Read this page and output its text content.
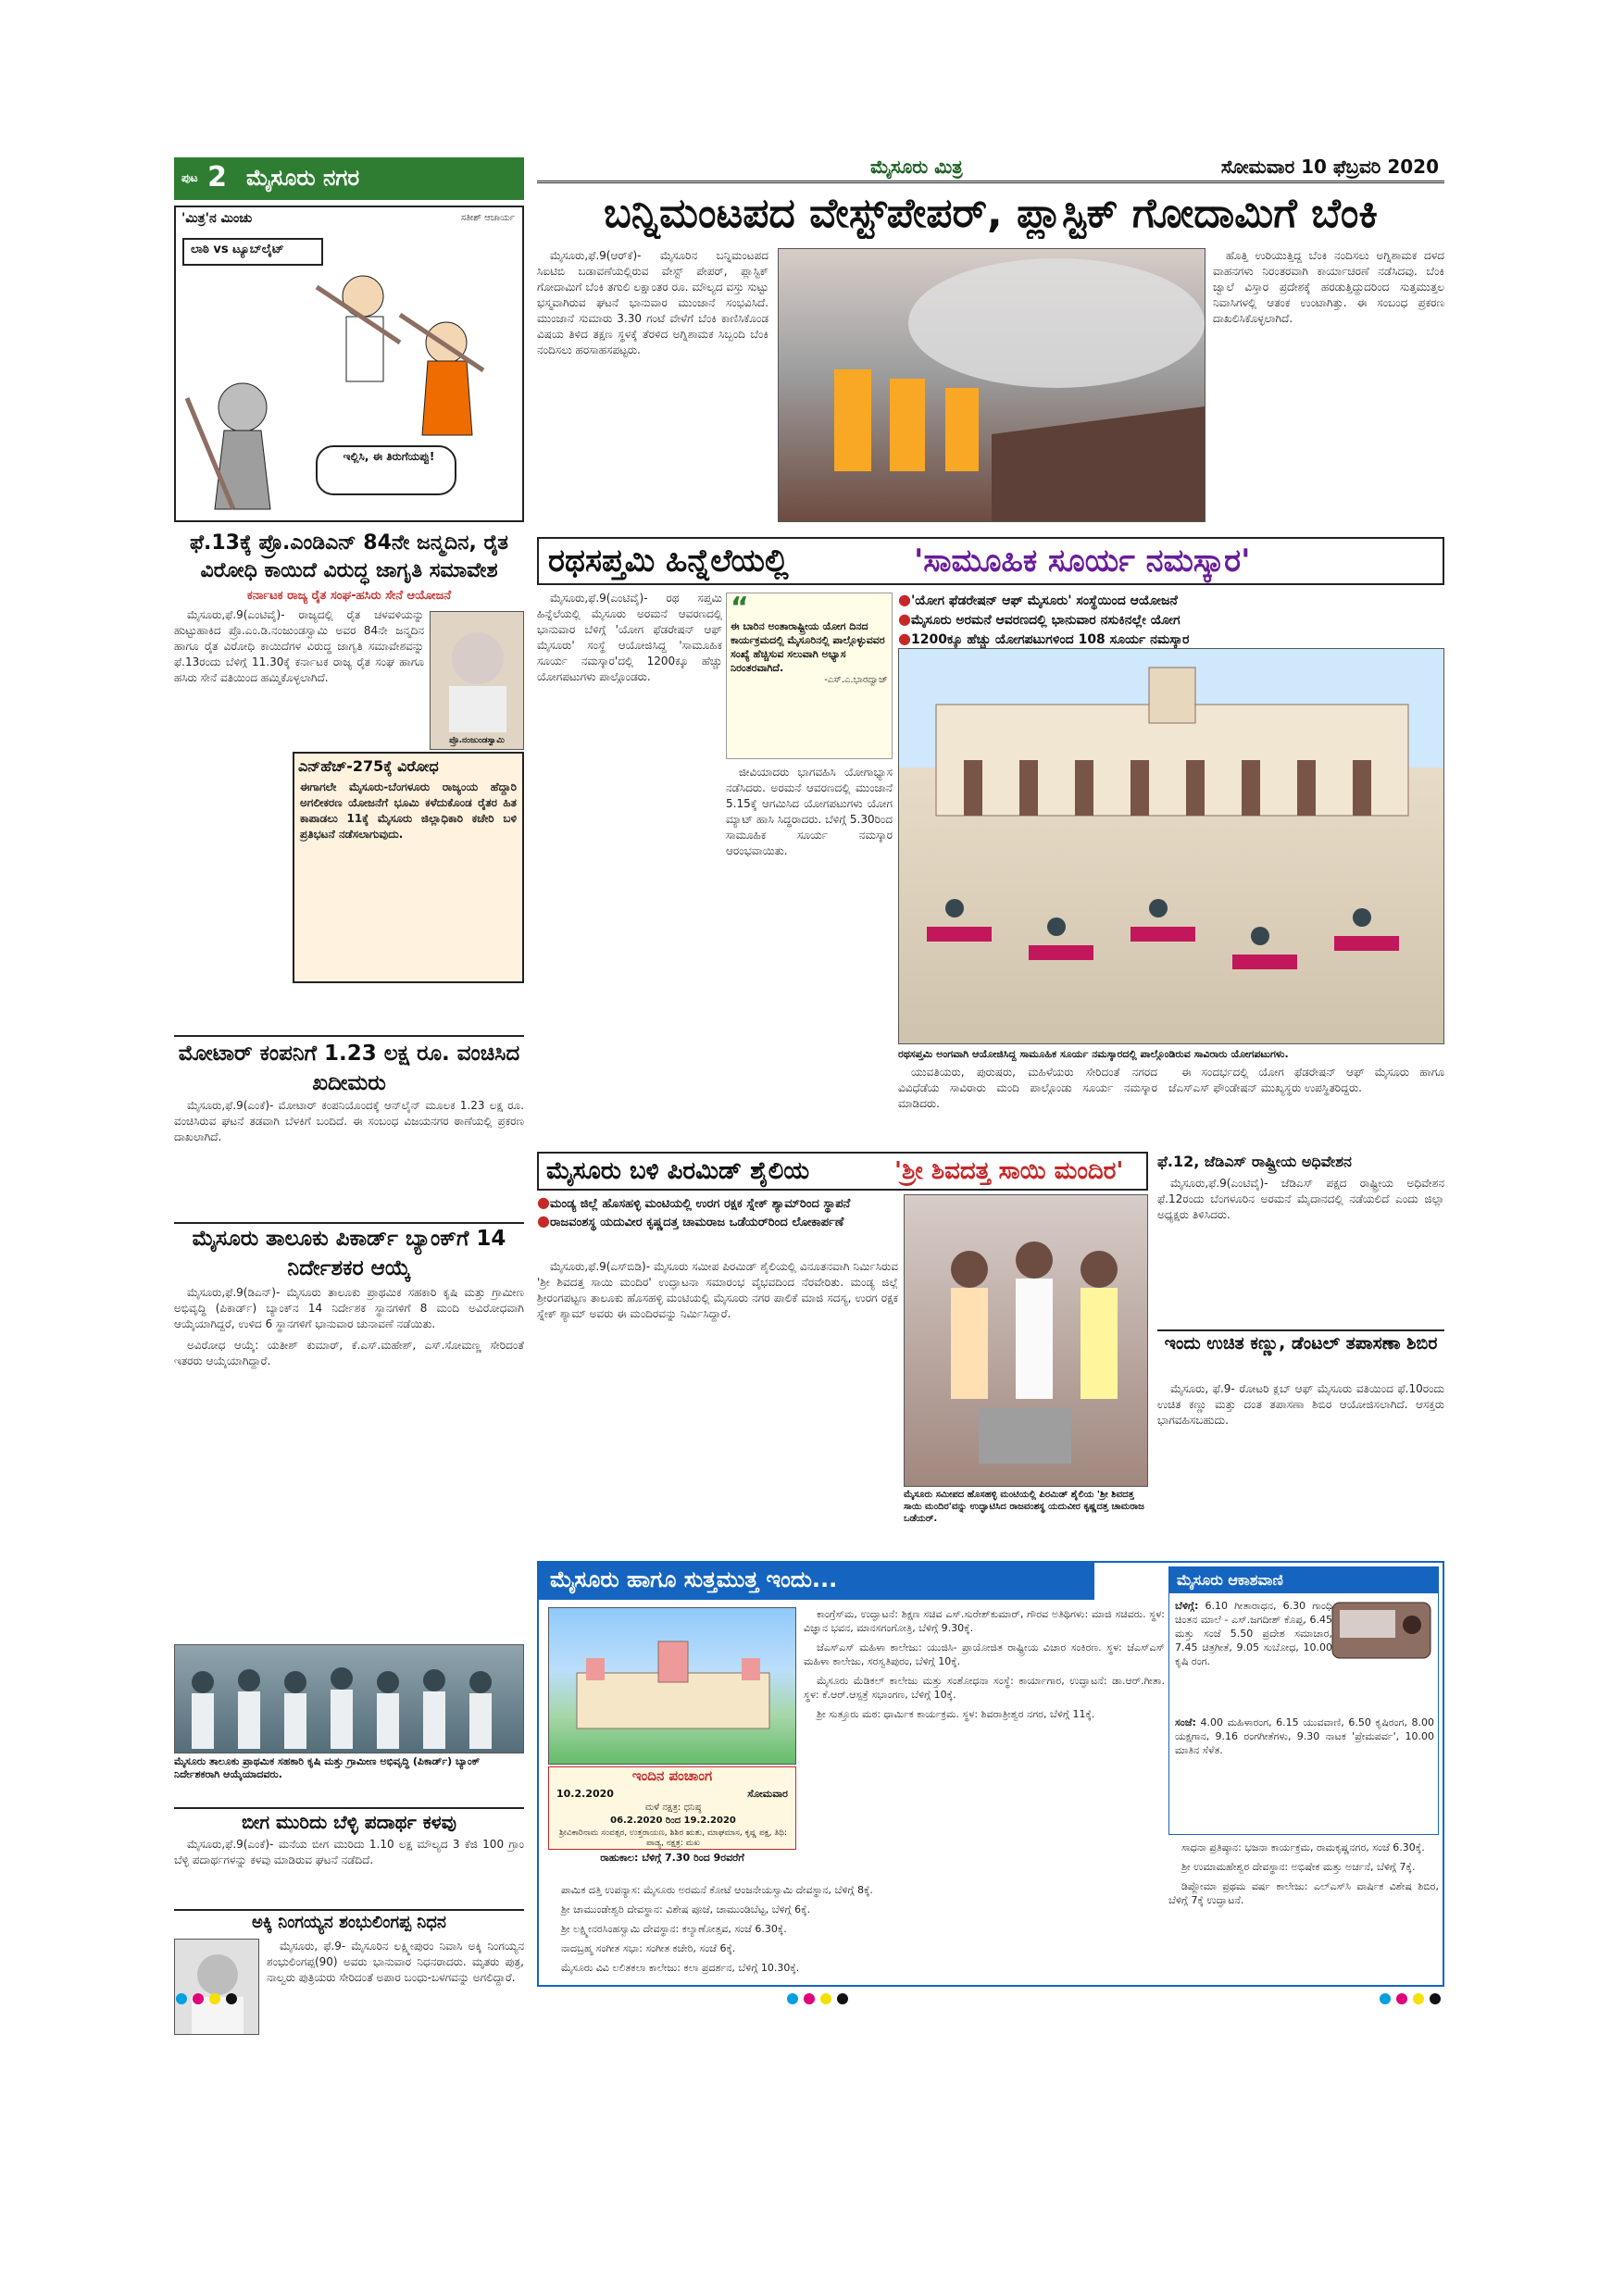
ಪುಟ 2 ಮೈಸೂರು ನಗರ	ಮೈಸೂರು ಮಿತ್ರ	ಸೋಮವಾರ 10 ಫೆಬ್ರವರಿ 2020
'ಮಿತ್ರ'ನ ಮಿಂಚು	ಸತೀಶ್ ಆಚಾರ್ಯ
ಲಾಠಿ vs ಟ್ಯೂಬ್‌ಲೈಟ್
ಇಲ್ಲಿಸಿ, ಈ ತಿರುಗೆಯಪ್ಪು!
ಬನ್ನಿಮಂಟಪದ ವೇಸ್ಟ್‌ಪೇಪರ್, ಪ್ಲಾಸ್ಟಿಕ್ ಗೋದಾಮಿಗೆ ಬೆಂಕಿ

ಮೈಸೂರು,ಫೆ.9(ಆರ್‌ಕೆ)- ಮೈಸೂರಿನ ಬನ್ನಿಮಂಟಪದ ಸಿಐಟಿಬಿ ಬಡಾವಣೆಯಲ್ಲಿರುವ ವೇಸ್ಟ್ ಪೇಪರ್, ಪ್ಲಾಸ್ಟಿಕ್ ಗೋದಾಮಿಗೆ ಬೆಂಕಿ ತಗುಲಿ ಲಕ್ಷಾಂತರ ರೂ. ಮೌಲ್ಯದ ವಸ್ತು ಸುಟ್ಟು ಭಸ್ಮವಾಗಿರುವ ಘಟನೆ ಭಾನುವಾರ ಮುಂಜಾನೆ ಸಂಭವಿಸಿದೆ. ಮುಂಜಾನೆ ಸುಮಾರು 3.30 ಗಂಟೆ ವೇಳೆಗೆ ಬೆಂಕಿ ಕಾಣಿಸಿಕೊಂಡ ವಿಷಯ ತಿಳಿದ ತಕ್ಷಣ ಸ್ಥಳಕ್ಕೆ ತೆರಳಿದ ಅಗ್ನಿಶಾಮಕ ಸಿಬ್ಬಂದಿ ಬೆಂಕಿ ನಂದಿಸಲು ಹರಸಾಹಸಪಟ್ಟರು.

ಹೊತ್ತಿ ಉರಿಯುತ್ತಿದ್ದ ಬೆಂಕಿ ನಂದಿಸಲು ಅಗ್ನಿಶಾಮಕ ದಳದ ವಾಹನಗಳು ನಿರಂತರವಾಗಿ ಕಾರ್ಯಾಚರಣೆ ನಡೆಸಿದವು. ಬೆಂಕಿ ಜ್ವಾಲೆ ವಿಸ್ತಾರ ಪ್ರದೇಶಕ್ಕೆ ಹರಡುತ್ತಿದ್ದುದರಿಂದ ಸುತ್ತಮುತ್ತಲ ನಿವಾಸಿಗಳಲ್ಲಿ ಆತಂಕ ಉಂಟಾಗಿತ್ತು. ಈ ಸಂಬಂಧ ಪ್ರಕರಣ ದಾಖಲಿಸಿಕೊಳ್ಳಲಾಗಿದೆ.

ಫೆ.13ಕ್ಕೆ ಪ್ರೊ.ಎಂಡಿಎನ್ 84ನೇ ಜನ್ಮದಿನ, ರೈತ ವಿರೋಧಿ ಕಾಯಿದೆ ವಿರುದ್ಧ ಜಾಗೃತಿ ಸಮಾವೇಶ
ಕರ್ನಾಟಕ ರಾಜ್ಯ ರೈತ ಸಂಘ-ಹಸಿರು ಸೇನೆ ಆಯೋಜನೆ

ಮೈಸೂರು,ಫೆ.9(ಎಂಟಿವೈ)- ರಾಜ್ಯದಲ್ಲಿ ರೈತ ಚಳವಳಿಯನ್ನು ಹುಟ್ಟುಹಾಕಿದ ಪ್ರೊ.ಎಂ.ಡಿ.ನಂಜುಂಡಸ್ವಾಮಿ ಅವರ 84ನೇ ಜನ್ಮದಿನ ಹಾಗೂ ರೈತ ವಿರೋಧಿ ಕಾಯಿದೆಗಳ ವಿರುದ್ಧ ಜಾಗೃತಿ ಸಮಾವೇಶವನ್ನು ಫೆ.13ರಂದು ಬೆಳಿಗ್ಗೆ 11.30ಕ್ಕೆ ಕರ್ನಾಟಕ ರಾಜ್ಯ ರೈತ ಸಂಘ ಹಾಗೂ ಹಸಿರು ಸೇನೆ ವತಿಯಿಂದ ಹಮ್ಮಿಕೊಳ್ಳಲಾಗಿದೆ.

ಪ್ರೊ.ನಂಜುಂಡಸ್ವಾಮಿ
ಎನ್‌ಹೆಚ್-275ಕ್ಕೆ ವಿರೋಧ
ಈಗಾಗಲೇ ಮೈಸೂರು-ಬೆಂಗಳೂರು ರಾಜ್ಯಂಯ ಹೆದ್ದಾರಿ ಅಗಲೀಕರಣ ಯೋಜನೆಗೆ ಭೂಮಿ ಕಳೆದುಕೊಂಡ ರೈತರ ಹಿತ ಕಾಪಾಡಲು 11ಕ್ಕೆ ಮೈಸೂರು ಜಿಲ್ಲಾಧಿಕಾರಿ ಕಚೇರಿ ಬಳಿ ಪ್ರತಿಭಟನೆ ನಡೆಸಲಾಗುವುದು.
ಮೋಟಾರ್ ಕಂಪನಿಗೆ 1.23 ಲಕ್ಷ ರೂ. ವಂಚಿಸಿದ ಖದೀಮರು

ಮೈಸೂರು,ಫೆ.9(ಎಂಕೆ)- ಮೋಟಾರ್ ಕಂಪನಿಯೊಂದಕ್ಕೆ ಆನ್‌ಲೈನ್ ಮೂಲಕ 1.23 ಲಕ್ಷ ರೂ. ವಂಚಿಸಿರುವ ಘಟನೆ ತಡವಾಗಿ ಬೆಳಕಿಗೆ ಬಂದಿದೆ. ಈ ಸಂಬಂಧ ವಿಜಯನಗರ ಠಾಣೆಯಲ್ಲಿ ಪ್ರಕರಣ ದಾಖಲಾಗಿದೆ.

ಮೈಸೂರು ತಾಲೂಕು ಪಿಕಾರ್ಡ್ ಬ್ಯಾಂಕ್‌ಗೆ 14 ನಿರ್ದೇಶಕರ ಆಯ್ಕೆ

ಮೈಸೂರು,ಫೆ.9(ಡಿಎನ್)- ಮೈಸೂರು ತಾಲೂಕು ಪ್ರಾಥಮಿಕ ಸಹಕಾರಿ ಕೃಷಿ ಮತ್ತು ಗ್ರಾಮೀಣ ಅಭಿವೃದ್ಧಿ (ಪಿಕಾರ್ಡ್) ಬ್ಯಾಂಕ್‌ನ 14 ನಿರ್ದೇಶಕ ಸ್ಥಾನಗಳಿಗೆ 8 ಮಂದಿ ಅವಿರೋಧವಾಗಿ ಆಯ್ಕೆಯಾಗಿದ್ದರೆ, ಉಳಿದ 6 ಸ್ಥಾನಗಳಿಗೆ ಭಾನುವಾರ ಚುನಾವಣೆ ನಡೆಯಿತು.

ಅವಿರೋಧ ಆಯ್ಕೆ: ಯತೀಶ್ ಕುಮಾರ್, ಕೆ.ಎಸ್.ಮಹೇಶ್, ಎಸ್.ಸೋಮಣ್ಣ ಸೇರಿದಂತೆ ಇತರರು ಆಯ್ಕೆಯಾಗಿದ್ದಾರೆ.

ಮೈಸೂರು ತಾಲೂಕು ಪ್ರಾಥಮಿಕ ಸಹಕಾರಿ ಕೃಷಿ ಮತ್ತು ಗ್ರಾಮೀಣ ಅಭಿವೃದ್ಧಿ (ಪಿಕಾರ್ಡ್) ಬ್ಯಾಂಕ್ ನಿರ್ದೇಶಕರಾಗಿ ಆಯ್ಕೆಯಾದವರು.
ಬೀಗ ಮುರಿದು ಬೆಳ್ಳಿ ಪದಾರ್ಥ ಕಳವು

ಮೈಸೂರು,ಫೆ.9(ಎಂಕೆ)- ಮನೆಯ ಬೀಗ ಮುರಿದು 1.10 ಲಕ್ಷ ಮೌಲ್ಯದ 3 ಕೆಜಿ 100 ಗ್ರಾಂ ಬೆಳ್ಳಿ ಪದಾರ್ಥಗಳನ್ನು ಕಳವು ಮಾಡಿರುವ ಘಟನೆ ನಡೆದಿದೆ.

ಅಕ್ಕಿ ನಿಂಗಯ್ಯನ ಶಂಭುಲಿಂಗಪ್ಪ ನಿಧನ

ಮೈಸೂರು, ಫೆ.9- ಮೈಸೂರಿನ ಲಕ್ಷ್ಮೀಪುರಂ ನಿವಾಸಿ ಅಕ್ಕಿ ನಿಂಗಯ್ಯನ ಶಂಭುಲಿಂಗಪ್ಪ(90) ಅವರು ಭಾನುವಾರ ನಿಧನರಾದರು. ಮೃತರು ಪುತ್ರ, ನಾಲ್ವರು ಪುತ್ರಿಯರು ಸೇರಿದಂತೆ ಅಪಾರ ಬಂಧು-ಬಳಗವನ್ನು ಅಗಲಿದ್ದಾರೆ.

ರಥಸಪ್ತಮಿ ಹಿನ್ನೆಲೆಯಲ್ಲಿ	'ಸಾಮೂಹಿಕ ಸೂರ್ಯ ನಮಸ್ಕಾರ'

ಮೈಸೂರು,ಫೆ.9(ಎಂಟಿವೈ)- ರಥ ಸಪ್ತಮಿ ಹಿನ್ನೆಲೆಯಲ್ಲಿ ಮೈಸೂರು ಅರಮನೆ ಆವರಣದಲ್ಲಿ ಭಾನುವಾರ ಬೆಳಿಗ್ಗೆ 'ಯೋಗ ಫೆಡರೇಷನ್ ಆಫ್ ಮೈಸೂರು' ಸಂಸ್ಥೆ ಆಯೋಜಿಸಿದ್ದ 'ಸಾಮೂಹಿಕ ಸೂರ್ಯ ನಮಸ್ಕಾರ'ದಲ್ಲಿ 1200ಕ್ಕೂ ಹೆಚ್ಚು ಯೋಗಪಟುಗಳು ಪಾಲ್ಗೊಂಡರು.

“
ಈ ಬಾರಿನ ಅಂತಾರಾಷ್ಟ್ರೀಯ ಯೋಗ ದಿನದ ಕಾರ್ಯಕ್ರಮದಲ್ಲಿ ಮೈಸೂರಿನಲ್ಲಿ ಪಾಲ್ಗೊಳ್ಳುವವರ ಸಂಖ್ಯೆ ಹೆಚ್ಚಿಸುವ ಸಲುವಾಗಿ ಅಭ್ಯಾಸ ನಿರಂತರವಾಗಿದೆ.
-ಎಸ್.ಎ.ಭಾರದ್ವಾಜ್

ಜೀವಿಯಾದರು ಭಾಗವಹಿಸಿ ಯೋಗಾಭ್ಯಾಸ ನಡೆಸಿದರು. ಅರಮನೆ ಆವರಣದಲ್ಲಿ ಮುಂಜಾನೆ 5.15ಕ್ಕೆ ಆಗಮಿಸಿದ ಯೋಗಪಟುಗಳು ಯೋಗ ಮ್ಯಾಟ್ ಹಾಸಿ ಸಿದ್ಧರಾದರು. ಬೆಳಿಗ್ಗೆ 5.30ರಿಂದ ಸಾಮೂಹಿಕ ಸೂರ್ಯ ನಮಸ್ಕಾರ ಆರಂಭವಾಯಿತು.

●'ಯೋಗ ಫೆಡರೇಷನ್ ಆಫ್ ಮೈಸೂರು' ಸಂಸ್ಥೆಯಿಂದ ಆಯೋಜನೆ
●ಮೈಸೂರು ಅರಮನೆ ಆವರಣದಲ್ಲಿ ಭಾನುವಾರ ನಸುಕಿನಲ್ಲೇ ಯೋಗ
●1200ಕ್ಕೂ ಹೆಚ್ಚು ಯೋಗಪಟುಗಳಿಂದ 108 ಸೂರ್ಯ ನಮಸ್ಕಾರ
ರಥಸಪ್ತಮಿ ಅಂಗವಾಗಿ ಆಯೋಜಿಸಿದ್ದ ಸಾಮೂಹಿಕ ಸೂರ್ಯ ನಮಸ್ಕಾರದಲ್ಲಿ ಪಾಲ್ಗೊಂಡಿರುವ ಸಾವಿರಾರು ಯೋಗಪಟುಗಳು.

ಯುವತಿಯರು, ಪುರುಷರು, ಮಹಿಳೆಯರು ಸೇರಿದಂತೆ ನಗರದ ವಿವಿಧೆಡೆಯ ಸಾವಿರಾರು ಮಂದಿ ಪಾಲ್ಗೊಂಡು ಸೂರ್ಯ ನಮಸ್ಕಾರ ಮಾಡಿದರು.

ಈ ಸಂದರ್ಭದಲ್ಲಿ ಯೋಗ ಫೆಡರೇಷನ್ ಆಫ್ ಮೈಸೂರು ಹಾಗೂ ಜೆಎಸ್‌ಎಸ್ ಫೌಂಡೇಷನ್ ಮುಖ್ಯಸ್ಥರು ಉಪಸ್ಥಿತರಿದ್ದರು.

ಮೈಸೂರು ಬಳಿ ಪಿರಮಿಡ್ ಶೈಲಿಯ	'ಶ್ರೀ ಶಿವದತ್ತ ಸಾಯಿ ಮಂದಿರ'
●ಮಂಡ್ಯ ಜಿಲ್ಲೆ ಹೊಸಹಳ್ಳಿ ಮಂಟಿಯಲ್ಲಿ ಉರಗ ರಕ್ಷಕ ಸ್ನೇಕ್ ಶ್ಯಾಮ್‌ರಿಂದ ಸ್ಥಾಪನೆ
●ರಾಜವಂಶಸ್ಥ ಯದುವೀರ ಕೃಷ್ಣದತ್ತ ಚಾಮರಾಜ ಒಡೆಯರ್‌ರಿಂದ ಲೋಕಾರ್ಪಣೆ

ಮೈಸೂರು,ಫೆ.9(ಎಸ್‌ಬಿಡಿ)- ಮೈಸೂರು ಸಮೀಪ ಪಿರಮಿಡ್ ಶೈಲಿಯಲ್ಲಿ ವಿನೂತನವಾಗಿ ನಿರ್ಮಿಸಿರುವ 'ಶ್ರೀ ಶಿವದತ್ತ ಸಾಯಿ ಮಂದಿರ' ಉದ್ಘಾಟನಾ ಸಮಾರಂಭ ವೈಭವದಿಂದ ನೆರವೇರಿತು. ಮಂಡ್ಯ ಜಿಲ್ಲೆ ಶ್ರೀರಂಗಪಟ್ಟಣ ತಾಲೂಕು ಹೊಸಹಳ್ಳಿ ಮಂಟಿಯಲ್ಲಿ ಮೈಸೂರು ನಗರ ಪಾಲಿಕೆ ಮಾಜಿ ಸದಸ್ಯ, ಉರಗ ರಕ್ಷಕ ಸ್ನೇಕ್ ಶ್ಯಾಮ್ ಅವರು ಈ ಮಂದಿರವನ್ನು ನಿರ್ಮಿಸಿದ್ದಾರೆ.

ಮೈಸೂರು ಸಮೀಪದ ಹೊಸಹಳ್ಳಿ ಮಂಟಿಯಲ್ಲಿ ಪಿರಮಿಡ್ ಶೈಲಿಯ 'ಶ್ರೀ ಶಿವದತ್ತ ಸಾಯಿ ಮಂದಿರ'ವನ್ನು ಉದ್ಘಾಟಿಸಿದ ರಾಜವಂಶಸ್ಥ ಯದುವೀರ ಕೃಷ್ಣದತ್ತ ಚಾಮರಾಜ ಒಡೆಯರ್.
ಫೆ.12, ಜೆಡಿಎಸ್ ರಾಷ್ಟ್ರೀಯ ಅಧಿವೇಶನ

ಮೈಸೂರು,ಫೆ.9(ಎಂಟಿವೈ)- ಜೆಡಿಎಸ್ ಪಕ್ಷದ ರಾಷ್ಟ್ರೀಯ ಅಧಿವೇಶನ ಫೆ.12ರಂದು ಬೆಂಗಳೂರಿನ ಅರಮನೆ ಮೈದಾನದಲ್ಲಿ ನಡೆಯಲಿದೆ ಎಂದು ಜಿಲ್ಲಾ ಅಧ್ಯಕ್ಷರು ತಿಳಿಸಿದರು.

ಇಂದು ಉಚಿತ ಕಣ್ಣು, ಡೆಂಟಲ್ ತಪಾಸಣಾ ಶಿಬಿರ

ಮೈಸೂರು, ಫೆ.9- ರೋಟರಿ ಕ್ಲಬ್ ಆಫ್ ಮೈಸೂರು ವತಿಯಿಂದ ಫೆ.10ರಂದು ಉಚಿತ ಕಣ್ಣು ಮತ್ತು ದಂತ ತಪಾಸಣಾ ಶಿಬಿರ ಆಯೋಜಿಸಲಾಗಿದೆ. ಆಸಕ್ತರು ಭಾಗವಹಿಸಬಹುದು.

ಮೈಸೂರು ಹಾಗೂ ಸುತ್ತಮುತ್ತ ಇಂದು...
ಇಂದಿನ ಪಂಚಾಂಗ
10.2.2020	ಸೋಮವಾರ
ಮಳೆ ನಕ್ಷತ್ರ: ಧನಿಷ್ಠ
06.2.2020 ರಿಂದ 19.2.2020
ಶ್ರೀವಿಕಾರಿನಾಮ ಸಂವತ್ಸರ, ಉತ್ತರಾಯಣ, ಶಿಶಿರ ಋತು, ಮಾಘಮಾಸ, ಕೃಷ್ಣ ಪಕ್ಷ, ತಿಥಿ: ಪಾಡ್ಯ, ನಕ್ಷತ್ರ: ಮಖ
ರಾಹುಕಾಲ: ಬೆಳಿಗ್ಗೆ 7.30 ರಿಂದ 9ರವರೆಗೆ

ಕಾಂಗ್ರೆಸ್‌ಮ, ಉದ್ಘಾಟನೆ: ಶಿಕ್ಷಣ ಸಚಿವ ಎಸ್.ಸುರೇಶ್‌ಕುಮಾರ್, ಗೌರವ ಅತಿಥಿಗಳು: ಮಾಜಿ ಸಚಿವರು. ಸ್ಥಳ: ವಿಜ್ಞಾನ ಭವನ, ಮಾನಸಗಂಗೋತ್ರಿ, ಬೆಳಿಗ್ಗೆ 9.30ಕ್ಕೆ.

ಜೆಎಸ್‌ಎಸ್ ಮಹಿಳಾ ಕಾಲೇಜು: ಯುಜಿಸಿ- ಪ್ರಾಯೋಜಿತ ರಾಷ್ಟ್ರೀಯ ವಿಚಾರ ಸಂಕಿರಣ. ಸ್ಥಳ: ಜೆಎಸ್‌ಎಸ್ ಮಹಿಳಾ ಕಾಲೇಜು, ಸರಸ್ವತಿಪುರಂ, ಬೆಳಿಗ್ಗೆ 10ಕ್ಕೆ.

ಮೈಸೂರು ಮೆಡಿಕಲ್ ಕಾಲೇಜು ಮತ್ತು ಸಂಶೋಧನಾ ಸಂಸ್ಥೆ: ಕಾರ್ಯಾಗಾರ, ಉದ್ಘಾಟನೆ: ಡಾ.ಆರ್.ಗೀತಾ. ಸ್ಥಳ: ಕೆ.ಆರ್.ಆಸ್ಪತ್ರೆ ಸಭಾಂಗಣ, ಬೆಳಿಗ್ಗೆ 10ಕ್ಕೆ.

ಶ್ರೀ ಸುತ್ತೂರು ಮಠ: ಧಾರ್ಮಿಕ ಕಾರ್ಯಕ್ರಮ. ಸ್ಥಳ: ಶಿವರಾತ್ರೀಶ್ವರ ನಗರ, ಬೆಳಿಗ್ಗೆ 11ಕ್ಕೆ.

ಪಾಮಿಕ ದತ್ತಿ ಉಪನ್ಯಾಸ: ಮೈಸೂರು ಅರಮನೆ ಕೋಟೆ ಆಂಜನೇಯಸ್ವಾಮಿ ದೇವಸ್ಥಾನ, ಬೆಳಿಗ್ಗೆ 8ಕ್ಕೆ.

ಶ್ರೀ ಚಾಮುಂಡೇಶ್ವರಿ ದೇವಸ್ಥಾನ: ವಿಶೇಷ ಪೂಜೆ, ಚಾಮುಂಡಿಬೆಟ್ಟ, ಬೆಳಿಗ್ಗೆ 6ಕ್ಕೆ.

ಶ್ರೀ ಲಕ್ಷ್ಮೀನರಸಿಂಹಸ್ವಾಮಿ ದೇವಸ್ಥಾನ: ಕಲ್ಯಾಣೋತ್ಸವ, ಸಂಜೆ 6.30ಕ್ಕೆ.

ನಾದಬ್ರಹ್ಮ ಸಂಗೀತ ಸಭಾ: ಸಂಗೀತ ಕಚೇರಿ, ಸಂಜೆ 6ಕ್ಕೆ.

ಮೈಸೂರು ವಿವಿ ಲಲಿತಕಲಾ ಕಾಲೇಜು: ಕಲಾ ಪ್ರದರ್ಶನ, ಬೆಳಿಗ್ಗೆ 10.30ಕ್ಕೆ.

ಮೈಸೂರು ಆಕಾಶವಾಣಿ
ಬೆಳಿಗ್ಗೆ: 6.10 ಗೀತಾರಾಧನ, 6.30 ಗಾಂಧಿ ಚಿಂತನ ಮಾಲೆ - ಎಸ್.ಜಗದೀಶ್ ಕೊಪ್ಪ, 6.45 ಮತ್ತು ಸಂಜೆ 5.50 ಪ್ರದೇಶ ಸಮಾಚಾರ, 7.45 ಚಿತ್ರಗೀತೆ, 9.05 ಸುಬೋಧ, 10.00 ಕೃಷಿ ರಂಗ.
ಸಂಜೆ: 4.00 ಮಹಿಳಾರಂಗ, 6.15 ಯುವವಾಣಿ, 6.50 ಕೃಷಿರಂಗ, 8.00 ಯಕ್ಷಗಾನ, 9.16 ರಂಗಗೀತೆಗಳು, 9.30 ನಾಟಕ 'ಪ್ರೇಮಪರ್ವ', 10.00 ಮಾತಿನ ಸೆಳೆತ.

ಸಾಧನಾ ಪ್ರತಿಷ್ಠಾನ: ಭಜನಾ ಕಾರ್ಯಕ್ರಮ, ರಾಮಕೃಷ್ಣನಗರ, ಸಂಜೆ 6.30ಕ್ಕೆ.

ಶ್ರೀ ಉಮಾಮಹೇಶ್ವರ ದೇವಸ್ಥಾನ: ಅಭಿಷೇಕ ಮತ್ತು ಅರ್ಚನೆ, ಬೆಳಿಗ್ಗೆ 7ಕ್ಕೆ.

ಡಿಪ್ಲೋಮಾ ಪ್ರಥಮ ವರ್ಷ ಕಾಲೇಜು: ಎಲ್‌ಎಸ್‌ಸಿ ವಾರ್ಷಿಕ ವಿಶೇಷ ಶಿಬಿರ, ಬೆಳಿಗ್ಗೆ 7ಕ್ಕೆ ಉದ್ಘಾಟನೆ.
